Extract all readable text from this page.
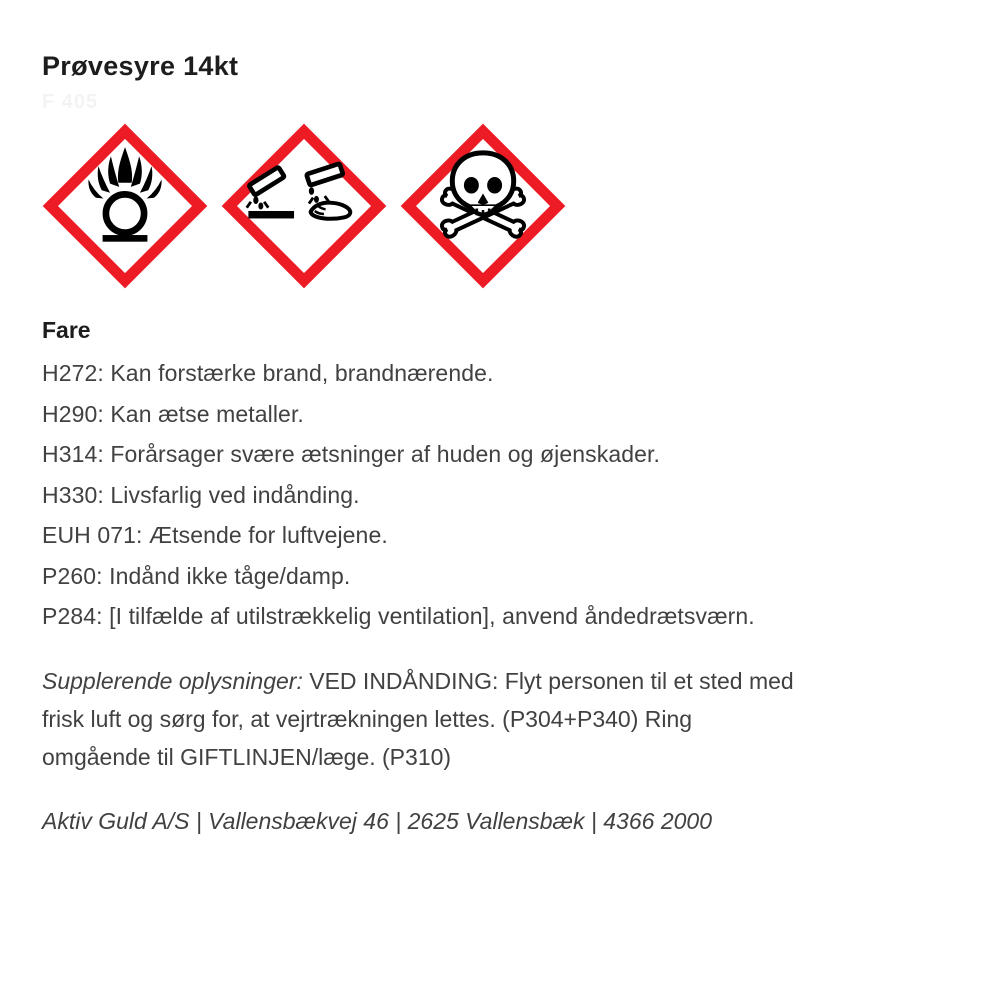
Prøvesyre 14kt
F 405
Fare
H272: Kan forstærke brand, brandnærende.
H290: Kan ætse metaller.
H314: Forårsager svære ætsninger af huden og øjenskader.
H330: Livsfarlig ved indånding.
EUH 071: Ætsende for luftvejene.
P260: Indånd ikke tåge/damp.
P284: [I tilfælde af utilstrækkelig ventilation], anvend åndedrætsværn.
Supplerende oplysninger: VED INDÅNDING: Flyt personen til et sted med
frisk luft og sørg for, at vejrtrækningen lettes. (P304+P340) Ring
omgående til GIFTLINJEN/læge. (P310)
Aktiv Guld A/S | Vallensbækvej 46 | 2625 Vallensbæk | 4366 2000
